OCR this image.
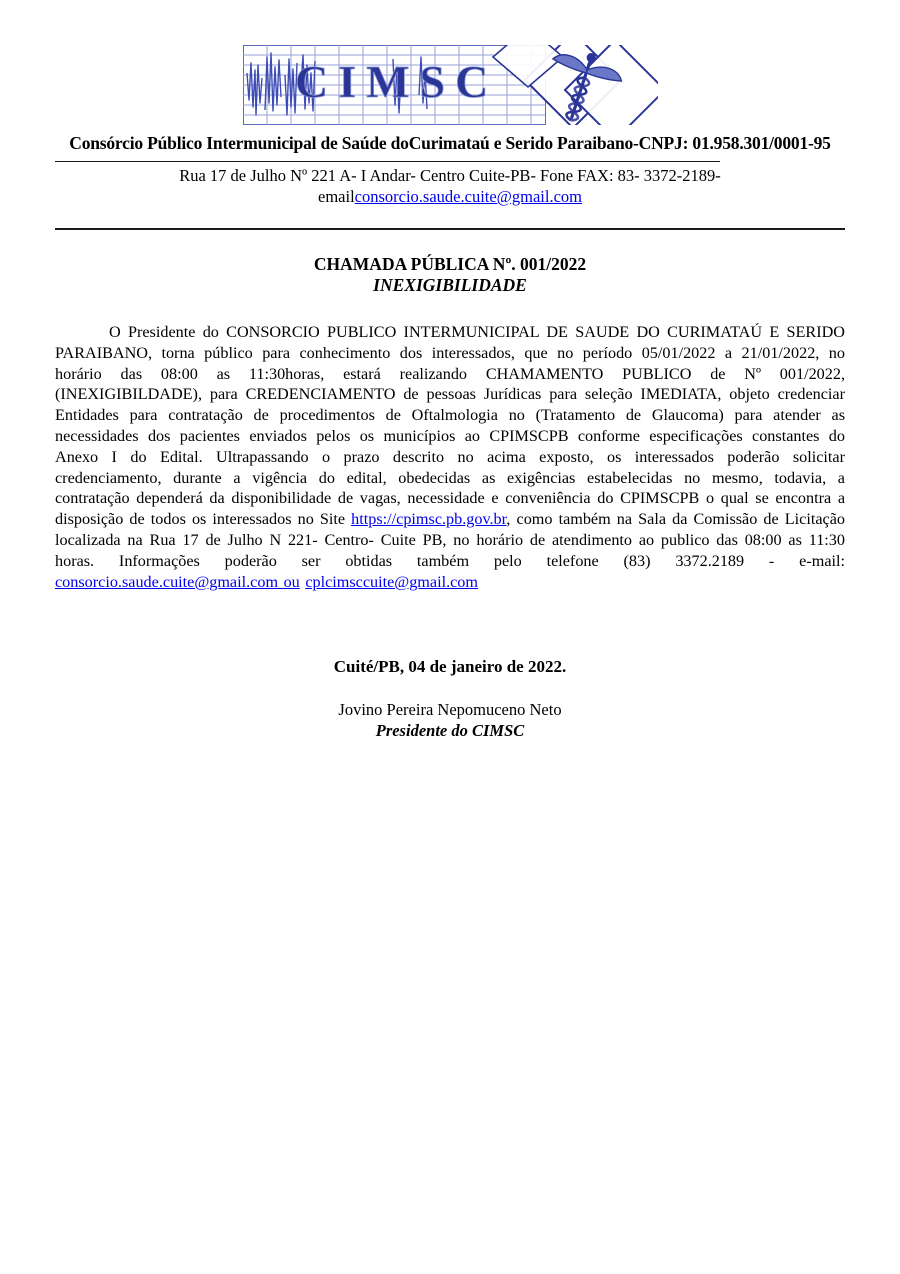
CIMSC
Consórcio Público Intermunicipal de Saúde doCurimataú e Serido Paraibano-CNPJ: 01.958.301/0001-95
Rua 17 de Julho Nº 221 A- I Andar- Centro Cuite-PB- Fone FAX: 83- 3372-2189-
emailconsorcio.saude.cuite@gmail.com
CHAMADA PÚBLICA Nº. 001/2022
INEXIGIBILIDADE

O Presidente do CONSORCIO PUBLICO INTERMUNICIPAL DE SAUDE DO CURIMATAÚ E SERIDO PARAIBANO, torna público para conhecimento dos interessados, que no período 05/01/2022 a 21/01/2022, no horário das 08:00 as 11:30horas, estará realizando CHAMAMENTO PUBLICO de Nº 001/2022, (INEXIGIBILDADE), para CREDENCIAMENTO de pessoas Jurídicas para seleção IMEDIATA, objeto credenciar Entidades para contratação de procedimentos de Oftalmologia no (Tratamento de Glaucoma) para atender as necessidades dos pacientes enviados pelos os municípios ao CPIMSCPB conforme especificações constantes do Anexo I do Edital. Ultrapassando o prazo descrito no acima exposto, os interessados poderão solicitar credenciamento, durante a vigência do edital, obedecidas as exigências estabelecidas no mesmo, todavia, a contratação dependerá da disponibilidade de vagas, necessidade e conveniência do CPIMSCPB o qual se encontra a disposição de todos os interessados no Site https://cpimsc.pb.gov.br, como também na Sala da Comissão de Licitação localizada na Rua 17 de Julho N 221- Centro- Cuite PB, no horário de atendimento ao publico das 08:00 as 11:30 horas. Informações poderão ser obtidas também pelo telefone (83) 3372.2189 - e-mail: consorcio.saude.cuite@gmail.com ou cplcimsccuite@gmail.com

Cuité/PB, 04 de janeiro de 2022.
Jovino Pereira Nepomuceno Neto
Presidente do CIMSC
